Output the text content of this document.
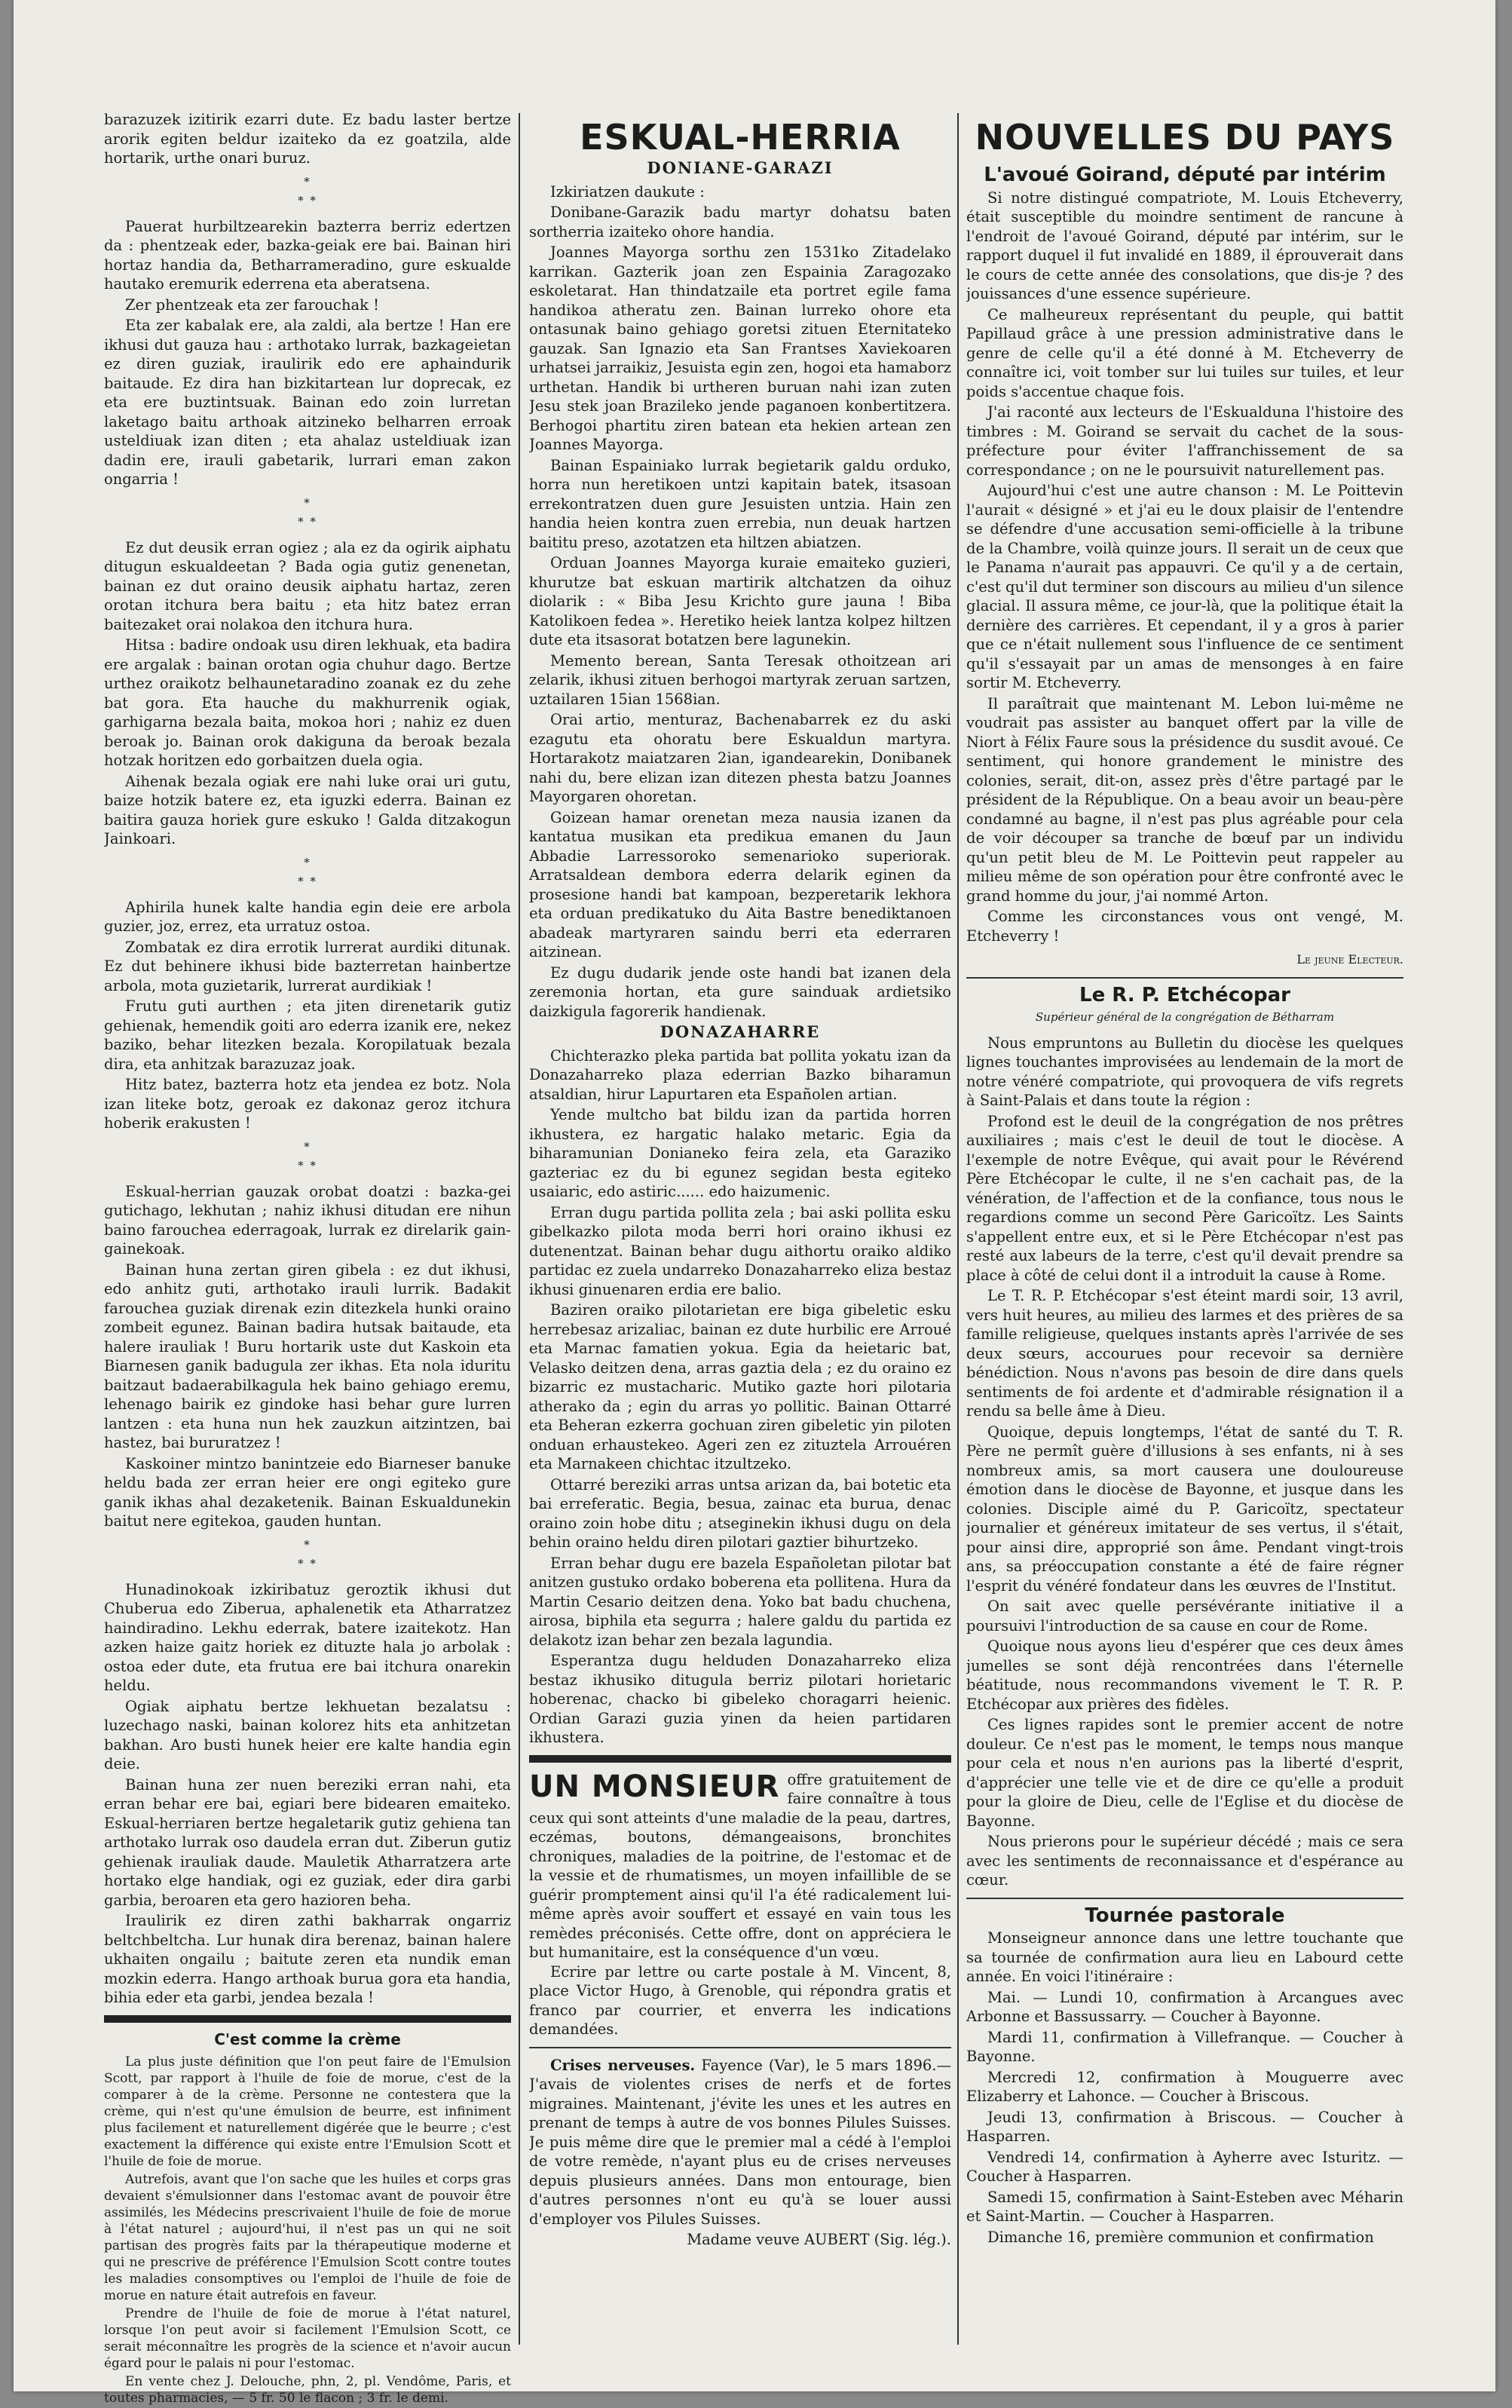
barazuzek izitirik ezarri dute. Ez badu laster bertze arorik egiten beldur izaiteko da ez goatzila, alde hortarik, urthe onari buruz.

*
* *

Pauerat hurbiltzearekin bazterra berriz edertzen da : phentzeak eder, bazka-geiak ere bai. Bainan hiri hortaz handia da, Betharrameradino, gure eskualde hautako eremurik ederrena eta aberatsena.

Zer phentzeak eta zer farouchak !

Eta zer kabalak ere, ala zaldi, ala bertze ! Han ere ikhusi dut gauza hau : arthotako lurrak, bazkageietan ez diren guziak, iraulirik edo ere aphaindurik baitaude. Ez dira han bizkitartean lur doprecak, ez eta ere buztintsuak. Bainan edo zoin lurretan laketago baitu arthoak aitzineko belharren erroak usteldiuak izan diten ; eta ahalaz usteldiuak izan dadin ere, irauli gabetarik, lurrari eman zakon ongarria !

*
* *

Ez dut deusik erran ogiez ; ala ez da ogirik aiphatu ditugun eskualdeetan ? Bada ogia gutiz genenetan, bainan ez dut oraino deusik aiphatu hartaz, zeren orotan itchura bera baitu ; eta hitz batez erran baitezaket orai nolakoa den itchura hura.

Hitsa : badire ondoak usu diren lekhuak, eta badira ere argalak : bainan orotan ogia chuhur dago. Bertze urthez oraikotz belhaunetaradino zoanak ez du zehe bat gora. Eta hauche du makhurrenik ogiak, garhigarna bezala baita, mokoa hori ; nahiz ez duen beroak jo. Bainan orok dakiguna da beroak bezala hotzak horitzen edo gorbaitzen duela ogia.

Aihenak bezala ogiak ere nahi luke orai uri gutu, baize hotzik batere ez, eta iguzki ederra. Bainan ez baitira gauza horiek gure eskuko ! Galda ditzakogun Jainkoari.

*
* *

Aphirila hunek kalte handia egin deie ere arbola guzier, joz, errez, eta urratuz ostoa.

Zombatak ez dira errotik lurrerat aurdiki ditunak. Ez dut behinere ikhusi bide bazterretan hainbertze arbola, mota guzietarik, lurrerat aurdikiak !

Frutu guti aurthen ; eta jiten direnetarik gutiz gehienak, hemendik goiti aro ederra izanik ere, nekez baziko, behar litezken bezala. Koropilatuak bezala dira, eta anhitzak barazuzaz joak.

Hitz batez, bazterra hotz eta jendea ez botz. Nola izan liteke botz, geroak ez dakonaz geroz itchura hoberik erakusten !

*
* *

Eskual-herrian gauzak orobat doatzi : bazka-gei gutichago, lekhutan ; nahiz ikhusi ditudan ere nihun baino farouchea ederragoak, lurrak ez direlarik gain-gainekoak.

Bainan huna zertan giren gibela : ez dut ikhusi, edo anhitz guti, arthotako irauli lurrik. Badakit farouchea guziak direnak ezin ditezkela hunki oraino zombeit egunez. Bainan badira hutsak baitaude, eta halere irauliak ! Buru hortarik uste dut Kaskoin eta Biarnesen ganik badugula zer ikhas. Eta nola iduritu baitzaut badaerabilkagula hek baino gehiago eremu, lehenago bairik ez gindoke hasi behar gure lurren lantzen : eta huna nun hek zauzkun aitzintzen, bai hastez, bai bururatzez !

Kaskoiner mintzo banintzeie edo Biarneser banuke heldu bada zer erran heier ere ongi egiteko gure ganik ikhas ahal dezaketenik. Bainan Eskualdunekin baitut nere egitekoa, gauden huntan.

*
* *

Hunadinokoak izkiribatuz geroztik ikhusi dut Chuberua edo Ziberua, aphalenetik eta Atharratzez haindiradino. Lekhu ederrak, batere izaitekotz. Han azken haize gaitz horiek ez dituzte hala jo arbolak : ostoa eder dute, eta frutua ere bai itchura onarekin heldu.

Ogiak aiphatu bertze lekhuetan bezalatsu : luzechago naski, bainan kolorez hits eta anhitzetan bakhan. Aro busti hunek heier ere kalte handia egin deie.

Bainan huna zer nuen bereziki erran nahi, eta erran behar ere bai, egiari bere bidearen emaiteko. Eskual-herriaren bertze hegaletarik gutiz gehiena tan arthotako lurrak oso daudela erran dut. Ziberun gutiz gehienak irauliak daude. Mauletik Atharratzera arte hortako elge handiak, ogi ez guziak, eder dira garbi garbia, beroaren eta gero hazioren beha.

Iraulirik ez diren zathi bakharrak ongarriz beltchbeltcha. Lur hunak dira berenaz, bainan halere ukhaiten ongailu ; baitute zeren eta nundik eman mozkin ederra. Hango arthoak burua gora eta handia, bihia eder eta garbi, jendea bezala !

C'est comme la crème

La plus juste définition que l'on peut faire de l'Emulsion Scott, par rapport à l'huile de foie de morue, c'est de la comparer à de la crème. Personne ne contestera que la crème, qui n'est qu'une émulsion de beurre, est infiniment plus facilement et naturellement digérée que le beurre ; c'est exactement la différence qui existe entre l'Emulsion Scott et l'huile de foie de morue.

Autrefois, avant que l'on sache que les huiles et corps gras devaient s'émulsionner dans l'estomac avant de pouvoir être assimilés, les Médecins prescrivaient l'huile de foie de morue à l'état naturel ; aujourd'hui, il n'est pas un qui ne soit partisan des progrès faits par la thérapeutique moderne et qui ne prescrive de préférence l'Emulsion Scott contre toutes les maladies consomptives ou l'emploi de l'huile de foie de morue en nature était autrefois en faveur.

Prendre de l'huile de foie de morue à l'état naturel, lorsque l'on peut avoir si facilement l'Emulsion Scott, ce serait méconnaître les progrès de la science et n'avoir aucun égard pour le palais ni pour l'estomac.

En vente chez J. Delouche, phn, 2, pl. Vendôme, Paris, et toutes pharmacies, — 5 fr. 50 le flacon ; 3 fr. le demi.

ESKUAL-HERRIA
DONIANE-GARAZI

Izkiriatzen daukute :

Donibane-Garazik badu martyr dohatsu baten sortherria izaiteko ohore handia.

Joannes Mayorga sorthu zen 1531ko Zitadelako karrikan. Gazterik joan zen Espainia Zaragozako eskoletarat. Han thindatzaile eta portret egile fama handikoa atheratu zen. Bainan lurreko ohore eta ontasunak baino gehiago goretsi zituen Eternitateko gauzak. San Ignazio eta San Frantses Xaviekoaren urhatsei jarraikiz, Jesuista egin zen, hogoi eta hamaborz urthetan. Handik bi urtheren buruan nahi izan zuten Jesu stek joan Brazileko jende paganoen konbertitzera. Berhogoi phartitu ziren batean eta hekien artean zen Joannes Mayorga.

Bainan Espainiako lurrak begietarik galdu orduko, horra nun heretikoen untzi kapitain batek, itsasoan errekontratzen duen gure Jesuisten untzia. Hain zen handia heien kontra zuen errebia, nun deuak hartzen baititu preso, azotatzen eta hiltzen abiatzen.

Orduan Joannes Mayorga kuraie emaiteko guzieri, khurutze bat eskuan martirik altchatzen da oihuz diolarik : « Biba Jesu Krichto gure jauna ! Biba Katolikoen fedea ». Heretiko heiek lantza kolpez hiltzen dute eta itsasorat botatzen bere lagunekin.

Memento berean, Santa Teresak othoitzean ari zelarik, ikhusi zituen berhogoi martyrak zeruan sartzen, uztailaren 15ian 1568ian.

Orai artio, menturaz, Bachenabarrek ez du aski ezagutu eta ohoratu bere Eskualdun martyra. Hortarakotz maiatzaren 2ian, igandearekin, Donibanek nahi du, bere elizan izan ditezen phesta batzu Joannes Mayorgaren ohoretan.

Goizean hamar orenetan meza nausia izanen da kantatua musikan eta predikua emanen du Jaun Abbadie Larressoroko semenarioko superiorak. Arratsaldean dembora ederra delarik eginen da prosesione handi bat kampoan, bezperetarik lekhora eta orduan predikatuko du Aita Bastre benediktanoen abadeak martyraren saindu berri eta ederraren aitzinean.

Ez dugu dudarik jende oste handi bat izanen dela zeremonia hortan, eta gure sainduak ardietsiko daizkigula fagorerik handienak.

DONAZAHARRE

Chichterazko pleka partida bat pollita yokatu izan da Donazaharreko plaza ederrian Bazko biharamun atsaldian, hirur Lapurtaren eta Españolen artian.

Yende multcho bat bildu izan da partida horren ikhustera, ez hargatic halako metaric. Egia da biharamunian Donianeko feira zela, eta Garaziko gazteriac ez du bi egunez segidan besta egiteko usaiaric, edo astiric...... edo haizumenic.

Erran dugu partida pollita zela ; bai aski pollita esku gibelkazko pilota moda berri hori oraino ikhusi ez dutenentzat. Bainan behar dugu aithortu oraiko aldiko partidac ez zuela undarreko Donazaharreko eliza bestaz ikhusi ginuenaren erdia ere balio.

Baziren oraiko pilotarietan ere biga gibeletic esku herrebesaz arizaliac, bainan ez dute hurbilic ere Arroué eta Marnac famatien yokua. Egia da heietaric bat, Velasko deitzen dena, arras gaztia dela ; ez du oraino ez bizarric ez mustacharic. Mutiko gazte hori pilotaria atherako da ; egin du arras yo pollitic. Bainan Ottarré eta Beheran ezkerra gochuan ziren gibeletic yin piloten onduan erhaustekeo. Ageri zen ez zituztela Arrouéren eta Marnakeen chichtac itzultzeko.

Ottarré bereziki arras untsa arizan da, bai botetic eta bai erreferatic. Begia, besua, zainac eta burua, denac oraino zoin hobe ditu ; atseginekin ikhusi dugu on dela behin oraino heldu diren pilotari gaztier bihurtzeko.

Erran behar dugu ere bazela Españoletan pilotar bat anitzen gustuko ordako boberena eta pollitena. Hura da Martin Cesario deitzen dena. Yoko bat badu chuchena, airosa, biphila eta segurra ; halere galdu du partida ez delakotz izan behar zen bezala lagundia.

Esperantza dugu helduden Donazaharreko eliza bestaz ikhusiko ditugula berriz pilotari horietaric hoberenac, chacko bi gibeleko choragarri heienic. Ordian Garazi guzia yinen da heien partidaren ikhustera.

UN MONSIEUR offre gratuitement de faire connaître à tous ceux qui sont atteints d'une maladie de la peau, dartres, eczémas, boutons, démangeaisons, bronchites chroniques, maladies de la poitrine, de l'estomac et de la vessie et de rhumatismes, un moyen infaillible de se guérir promptement ainsi qu'il l'a été radicalement lui-même après avoir souffert et essayé en vain tous les remèdes préconisés. Cette offre, dont on appréciera le but humanitaire, est la conséquence d'un vœu.

Ecrire par lettre ou carte postale à M. Vincent, 8, place Victor Hugo, à Grenoble, qui répondra gratis et franco par courrier, et enverra les indications demandées.

Crises nerveuses. Fayence (Var), le 5 mars 1896.— J'avais de violentes crises de nerfs et de fortes migraines. Maintenant, j'évite les unes et les autres en prenant de temps à autre de vos bonnes Pilules Suisses. Je puis même dire que le premier mal a cédé à l'emploi de votre remède, n'ayant plus eu de crises nerveuses depuis plusieurs années. Dans mon entourage, bien d'autres personnes n'ont eu qu'à se louer aussi d'employer vos Pilules Suisses.

Madame veuve AUBERT (Sig. lég.).

NOUVELLES DU PAYS
L'avoué Goirand, député par intérim

Si notre distingué compatriote, M. Louis Etcheverry, était susceptible du moindre sentiment de rancune à l'endroit de l'avoué Goirand, député par intérim, sur le rapport duquel il fut invalidé en 1889, il éprouverait dans le cours de cette année des consolations, que dis-je ? des jouissances d'une essence supérieure.

Ce malheureux représentant du peuple, qui battit Papillaud grâce à une pression administrative dans le genre de celle qu'il a été donné à M. Etcheverry de connaître ici, voit tomber sur lui tuiles sur tuiles, et leur poids s'accentue chaque fois.

J'ai raconté aux lecteurs de l'Eskualduna l'histoire des timbres : M. Goirand se servait du cachet de la sous-préfecture pour éviter l'affranchissement de sa correspondance ; on ne le poursuivit naturellement pas.

Aujourd'hui c'est une autre chanson : M. Le Poittevin l'aurait « désigné » et j'ai eu le doux plaisir de l'entendre se défendre d'une accusation semi-officielle à la tribune de la Chambre, voilà quinze jours. Il serait un de ceux que le Panama n'aurait pas appauvri. Ce qu'il y a de certain, c'est qu'il dut terminer son discours au milieu d'un silence glacial. Il assura même, ce jour-là, que la politique était la dernière des carrières. Et cependant, il y a gros à parier que ce n'était nullement sous l'influence de ce sentiment qu'il s'essayait par un amas de mensonges à en faire sortir M. Etcheverry.

Il paraîtrait que maintenant M. Lebon lui-même ne voudrait pas assister au banquet offert par la ville de Niort à Félix Faure sous la présidence du susdit avoué. Ce sentiment, qui honore grandement le ministre des colonies, serait, dit-on, assez près d'être partagé par le président de la République. On a beau avoir un beau-père condamné au bagne, il n'est pas plus agréable pour cela de voir découper sa tranche de bœuf par un individu qu'un petit bleu de M. Le Poittevin peut rappeler au milieu même de son opération pour être confronté avec le grand homme du jour, j'ai nommé Arton.

Comme les circonstances vous ont vengé, M. Etcheverry !

Le jeune Electeur.
Le R. P. Etchécopar
Supérieur général de la congrégation de Bétharram

Nous empruntons au Bulletin du diocèse les quelques lignes touchantes improvisées au lendemain de la mort de notre vénéré compatriote, qui provoquera de vifs regrets à Saint-Palais et dans toute la région :

Profond est le deuil de la congrégation de nos prêtres auxiliaires ; mais c'est le deuil de tout le diocèse. A l'exemple de notre Evêque, qui avait pour le Révérend Père Etchécopar le culte, il ne s'en cachait pas, de la vénération, de l'affection et de la confiance, tous nous le regardions comme un second Père Garicoïtz. Les Saints s'appellent entre eux, et si le Père Etchécopar n'est pas resté aux labeurs de la terre, c'est qu'il devait prendre sa place à côté de celui dont il a introduit la cause à Rome.

Le T. R. P. Etchécopar s'est éteint mardi soir, 13 avril, vers huit heures, au milieu des larmes et des prières de sa famille religieuse, quelques instants après l'arrivée de ses deux sœurs, accourues pour recevoir sa dernière bénédiction. Nous n'avons pas besoin de dire dans quels sentiments de foi ardente et d'admirable résignation il a rendu sa belle âme à Dieu.

Quoique, depuis longtemps, l'état de santé du T. R. Père ne permît guère d'illusions à ses enfants, ni à ses nombreux amis, sa mort causera une douloureuse émotion dans le diocèse de Bayonne, et jusque dans les colonies. Disciple aimé du P. Garicoïtz, spectateur journalier et généreux imitateur de ses vertus, il s'était, pour ainsi dire, approprié son âme. Pendant vingt-trois ans, sa préoccupation constante a été de faire régner l'esprit du vénéré fondateur dans les œuvres de l'Institut.

On sait avec quelle persévérante initiative il a poursuivi l'introduction de sa cause en cour de Rome.

Quoique nous ayons lieu d'espérer que ces deux âmes jumelles se sont déjà rencontrées dans l'éternelle béatitude, nous recommandons vivement le T. R. P. Etchécopar aux prières des fidèles.

Ces lignes rapides sont le premier accent de notre douleur. Ce n'est pas le moment, le temps nous manque pour cela et nous n'en aurions pas la liberté d'esprit, d'apprécier une telle vie et de dire ce qu'elle a produit pour la gloire de Dieu, celle de l'Eglise et du diocèse de Bayonne.

Nous prierons pour le supérieur décédé ; mais ce sera avec les sentiments de reconnaissance et d'espérance au cœur.

Tournée pastorale

Monseigneur annonce dans une lettre touchante que sa tournée de confirmation aura lieu en Labourd cette année. En voici l'itinéraire :

Mai. — Lundi 10, confirmation à Arcangues avec Arbonne et Bassussarry. — Coucher à Bayonne.

Mardi 11, confirmation à Villefranque. — Coucher à Bayonne.

Mercredi 12, confirmation à Mouguerre avec Elizaberry et Lahonce. — Coucher à Briscous.

Jeudi 13, confirmation à Briscous. — Coucher à Hasparren.

Vendredi 14, confirmation à Ayherre avec Isturitz. — Coucher à Hasparren.

Samedi 15, confirmation à Saint-Esteben avec Méharin et Saint-Martin. — Coucher à Hasparren.

Dimanche 16, première communion et confirmation
